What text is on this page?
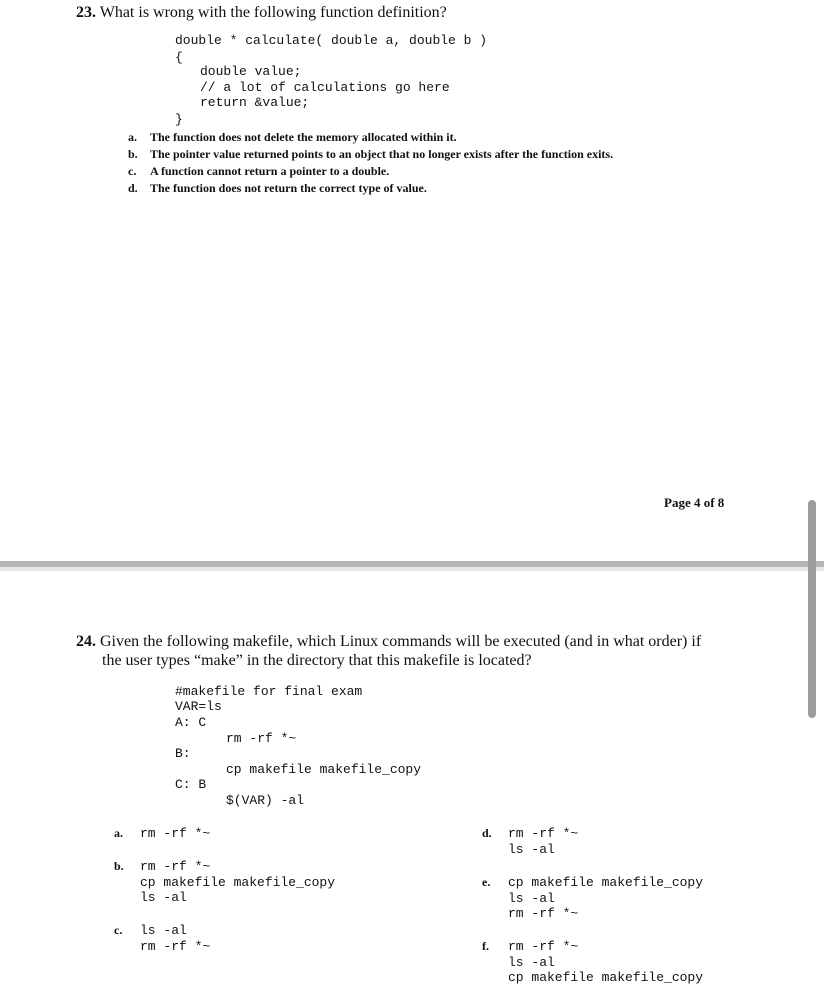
23. What is wrong with the following function definition?
double * calculate( double a, double b )
{
double value;
// a lot of calculations go here
return &value;
}
a. The function does not delete the memory allocated within it.
b. The pointer value returned points to an object that no longer exists after the function exits.
c. A function cannot return a pointer to a double.
d. The function does not return the correct type of value.
Page 4 of 8
24. Given the following makefile, which Linux commands will be executed (and in what order) if
the user types “make” in the directory that this makefile is located?
#makefile for final exam
VAR=ls
A: C
rm -rf *~
B:
cp makefile makefile_copy
C: B
$(VAR) -al
a. rm -rf *~
b. rm -rf *~
cp makefile makefile_copy
ls -al
c. ls -al
rm -rf *~
d. rm -rf *~
ls -al
e. cp makefile makefile_copy
ls -al
rm -rf *~
f. rm -rf *~
ls -al
cp makefile makefile_copy
